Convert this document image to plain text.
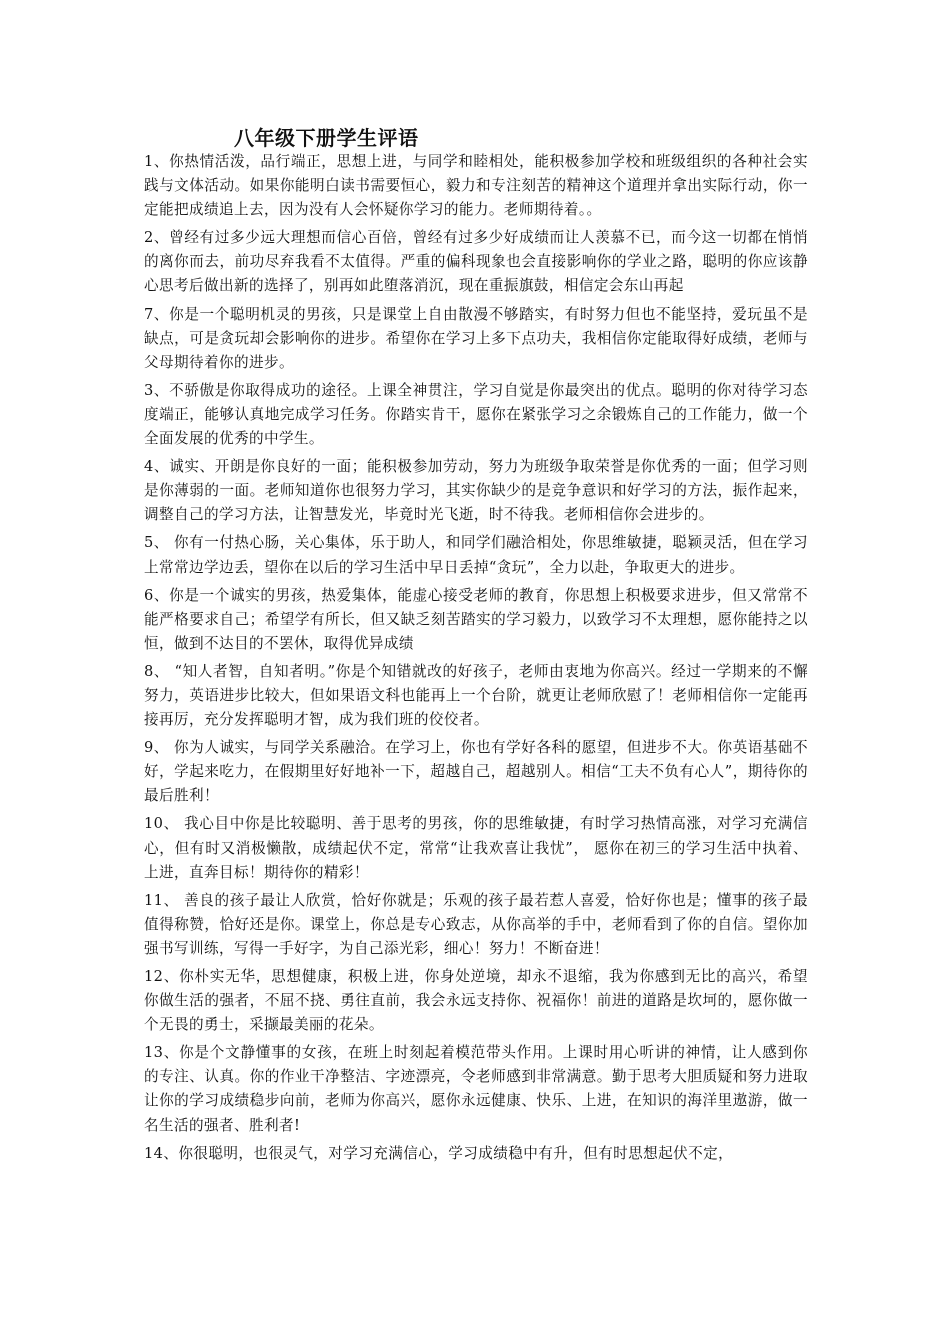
八年级下册学生评语

1、你热情活泼，品行端正，思想上进，与同学和睦相处，能积极参加学校和班级组织的各种社会实践与文体活动。如果你能明白读书需要恒心，毅力和专注刻苦的精神这个道理并拿出实际行动，你一定能把成绩追上去，因为没有人会怀疑你学习的能力。老师期待着。。

2、曾经有过多少远大理想而信心百倍，曾经有过多少好成绩而让人羡慕不已，而今这一切都在悄悄的离你而去，前功尽弃我看不太值得。严重的偏科现象也会直接影响你的学业之路，聪明的你应该静心思考后做出新的选择了，别再如此堕落消沉，现在重振旗鼓，相信定会东山再起

7、你是一个聪明机灵的男孩，只是课堂上自由散漫不够踏实，有时努力但也不能坚持，爱玩虽不是缺点，可是贪玩却会影响你的进步。希望你在学习上多下点功夫，我相信你定能取得好成绩，老师与父母期待着你的进步。

3、不骄傲是你取得成功的途径。上课全神贯注，学习自觉是你最突出的优点。聪明的你对待学习态度端正，能够认真地完成学习任务。你踏实肯干，愿你在紧张学习之余锻炼自己的工作能力，做一个全面发展的优秀的中学生。

4、诚实、开朗是你良好的一面；能积极参加劳动，努力为班级争取荣誉是你优秀的一面；但学习则是你薄弱的一面。老师知道你也很努力学习，其实你缺少的是竞争意识和好学习的方法，振作起来，调整自己的学习方法，让智慧发光，毕竟时光飞逝，时不待我。老师相信你会进步的。

5、 你有一付热心肠，关心集体，乐于助人，和同学们融洽相处，你思维敏捷，聪颖灵活，但在学习上常常边学边丢，望你在以后的学习生活中早日丢掉“贪玩”，全力以赴，争取更大的进步。

6、你是一个诚实的男孩，热爱集体，能虚心接受老师的教育，你思想上积极要求进步，但又常常不能严格要求自己；希望学有所长，但又缺乏刻苦踏实的学习毅力，以致学习不太理想，愿你能持之以恒，做到不达目的不罢休，取得优异成绩

8、 “知人者智，自知者明。”你是个知错就改的好孩子，老师由衷地为你高兴。经过一学期来的不懈努力，英语进步比较大，但如果语文科也能再上一个台阶，就更让老师欣慰了！老师相信你一定能再接再厉，充分发挥聪明才智，成为我们班的佼佼者。

9、 你为人诚实，与同学关系融洽。在学习上，你也有学好各科的愿望，但进步不大。你英语基础不好，学起来吃力，在假期里好好地补一下，超越自己，超越别人。相信“工夫不负有心人”，期待你的最后胜利！

10、 我心目中你是比较聪明、善于思考的男孩，你的思维敏捷，有时学习热情高涨，对学习充满信心，但有时又消极懒散，成绩起伏不定，常常“让我欢喜让我忧”， 愿你在初三的学习生活中执着、上进，直奔目标！期待你的精彩！

11、 善良的孩子最让人欣赏，恰好你就是；乐观的孩子最若惹人喜爱，恰好你也是；懂事的孩子最值得称赞，恰好还是你。课堂上，你总是专心致志，从你高举的手中，老师看到了你的自信。望你加强书写训练，写得一手好字，为自己添光彩，细心！努力！不断奋进！

12、你朴实无华，思想健康，积极上进，你身处逆境，却永不退缩，我为你感到无比的高兴，希望你做生活的强者，不屈不挠、勇往直前，我会永远支持你、祝福你！前进的道路是坎坷的，愿你做一个无畏的勇士，采撷最美丽的花朵。

13、你是个文静懂事的女孩，在班上时刻起着模范带头作用。上课时用心听讲的神情，让人感到你的专注、认真。你的作业干净整洁、字迹漂亮，令老师感到非常满意。勤于思考大胆质疑和努力进取让你的学习成绩稳步向前，老师为你高兴，愿你永远健康、快乐、上进，在知识的海洋里遨游，做一名生活的强者、胜利者!

14、你很聪明，也很灵气，对学习充满信心，学习成绩稳中有升，但有时思想起伏不定，
